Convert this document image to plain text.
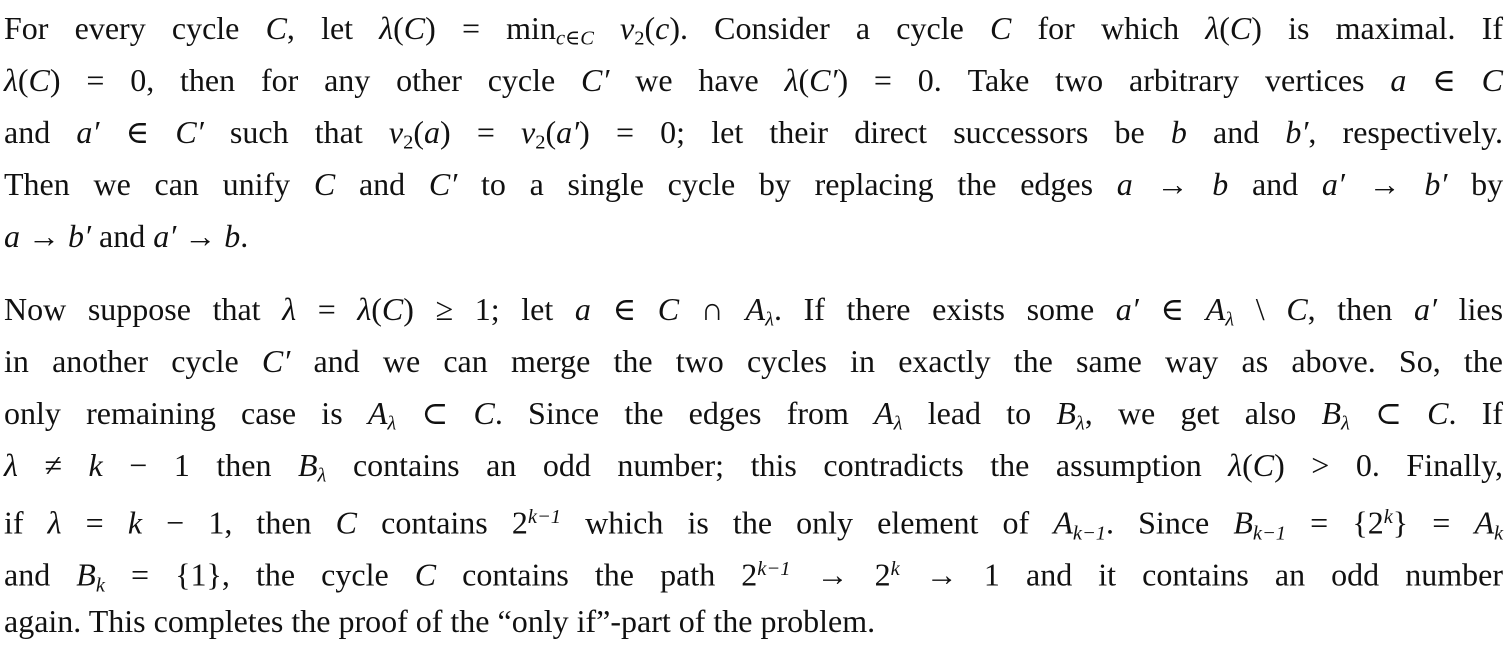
For every cycle C, let λ(C) = minc∈C ν2(c). Consider a cycle C for which λ(C) is maximal. If
λ(C) = 0, then for any other cycle C′ we have λ(C′) = 0. Take two arbitrary vertices a ∈ C
and a′ ∈ C′ such that ν2(a) = ν2(a′) = 0; let their direct successors be b and b′, respectively.
Then we can unify C and C′ to a single cycle by replacing the edges a → b and a′ → b′ by
a → b′ and a′ → b.
Now suppose that λ = λ(C) ≥ 1; let a ∈ C ∩ Aλ. If there exists some a′ ∈ Aλ \ C, then a′ lies
in another cycle C′ and we can merge the two cycles in exactly the same way as above. So, the
only remaining case is Aλ ⊂ C. Since the edges from Aλ lead to Bλ, we get also Bλ ⊂ C. If
λ ≠ k − 1 then Bλ contains an odd number; this contradicts the assumption λ(C) > 0. Finally,
if λ = k − 1, then C contains $2^{k-1}$ which is the only element of Ak−1. Since $Bk-1 = \{2^k\} = Ak$
and Bk = {1}, the cycle C contains the path $2^{k-1} \to 2^k \to 1$ and it contains an odd number
again. This completes the proof of the “only if”-part of the problem.
